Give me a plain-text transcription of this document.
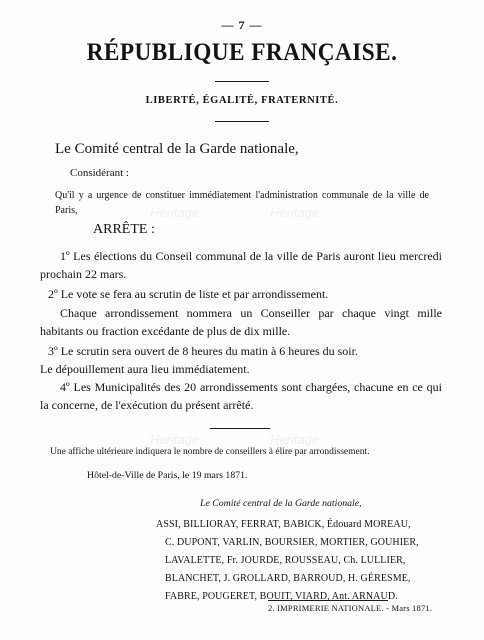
— 7 —
RÉPUBLIQUE FRANÇAISE.
LIBERTÉ, ÉGALITÉ, FRATERNITÉ.
Le Comité central de la Garde nationale,
Considérant :
Qu'il y a urgence de constituer immédiatement l'administration communale de la ville de Paris,
ARRÊTE :
1º Les élections du Conseil communal de la ville de Paris auront lieu mercredi prochain 22 mars.
2º Le vote se fera au scrutin de liste et par arrondissement.
Chaque arrondissement nommera un Conseiller par chaque vingt mille habitants ou fraction excédante de plus de dix mille.
3º Le scrutin sera ouvert de 8 heures du matin à 6 heures du soir.
Le dépouillement aura lieu immédiatement.
4º Les Municipalités des 20 arrondissements sont chargées, chacune en ce qui la concerne, de l'exécution du présent arrêté.
Une affiche ultérieure indiquera le nombre de conseillers à élire par arrondissement.
Hôtel-de-Ville de Paris, le 19 mars 1871.
Le Comité central de la Garde nationale,
ASSI, BILLIORAY, FERRAT, BABICK, Édouard MOREAU,
C. DUPONT, VARLIN, BOURSIER, MORTIER, GOUHIER,
LAVALETTE, Fr. JOURDE, ROUSSEAU, Ch. LULLIER,
BLANCHET, J. GROLLARD, BARROUD, H. GÉRESME,
FABRE, POUGERET, BOUIT, VIARD, Ant. ARNAUD.
2. IMPRIMERIE NATIONALE. - Mars 1871.
Heritage	Heritage
Heritage	Heritage
